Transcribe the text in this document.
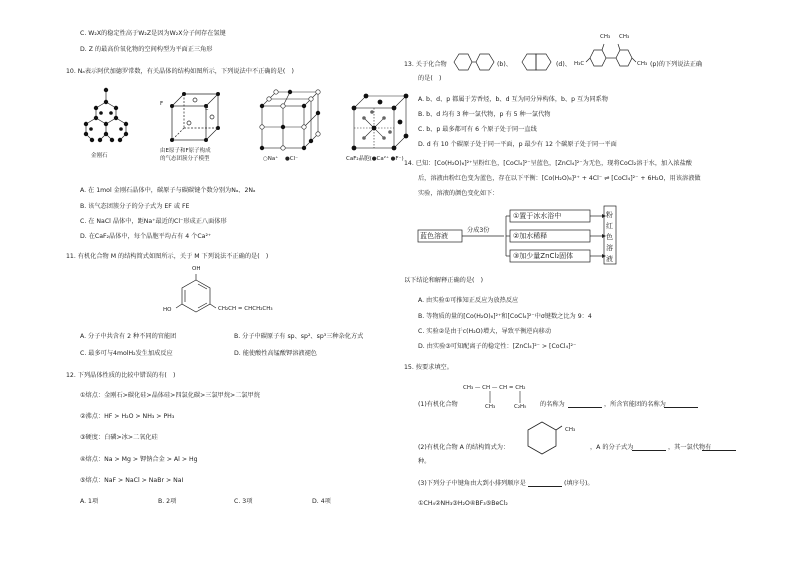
C. W₂X的稳定性高于W₂Z是因为W₂X分子间存在氢键
D. Z 的最高价氧化物的空间构型为平面正三角形
10. Nₐ表示阿伏加德罗常数，有关晶体的结构如图所示，下列说法中不正确的是(　)
金刚石
F
E
由E原子和F原子构成
的气态团簇分子模型	○Na⁺ ●Cl⁻
A. 在 1mol 金刚石晶体中，碳原子与碳碳键个数分别为Nₐ、2Nₐ
B. 该气态团簇分子的分子式为 EF 或 FE
C. 在 NaCl 晶体中，距Na⁺最近的Cl⁻形成正八面体形
D. 在CaF₂晶体中，每个晶胞平均占有 4 个Ca²⁺
11. 有机化合物 M 的结构简式如图所示，关于 M 下列说法不正确的是(　)
OH
HO	CH₂CH = CHCH₂CH₃
A. 分子中共含有 2 种不同的官能团	B. 分子中碳原子有 sp、sp²、sp³三种杂化方式
C. 最多可与4molH₂发生加成反应	D. 能使酸性高锰酸钾溶液褪色
12. 下列晶体性质的比较中错误的有(　)
①熔点：金刚石>碳化硅>晶体硅>四氯化碳>三氯甲烷>二氯甲烷
②沸点：HF > H₂O > NH₃ > PH₃
③硬度：白磷>冰>二氧化硅
④熔点：Na > Mg > 钾钠合金 > Al > Hg
⑤熔点：NaF > NaCl > NaBr > NaI
A. 1项	B. 2项	C. 3项	D. 4项
CaF₂晶胞(●Ca²⁺ ●F⁻)
13. 关于化合物	(b)、	(d)、
CH₃ CH₃
H₃C	CH₃ (p)的下列说法正确
的是(　)
A. b、d、p 都属于芳香烃，b、d 互为同分异构体，b、p 互为同系物
B. b、d 均有 3 种一氯代物，p 有 5 种一氯代物
C. b、p 最多都可有 6 个原子处于同一直线
D. d 有 10 个碳原子处于同一平面，p 最少有 12 个碳原子处于同一平面
14. 已知：[Co(H₂O)₆]²⁺呈粉红色，[CoCl₄]²⁻呈蓝色，[ZnCl₄]²⁻为无色，现将CoCl₂溶于水，加入浓盐酸
后，溶液由粉红色变为蓝色，存在以下平衡：[Co(H₂O)₆]²⁺ + 4Cl⁻ ⇌ [CoCl₄]²⁻ + 6H₂O，用该溶液做
实验，溶液的颜色变化如下：
蓝色溶液
分成3份
①置于冰水浴中
②加水稀释
③加少量ZnCl₂固体
粉红色溶液
以下结论和解释正确的是(　)
A. 由实验①可推知正反应为放热反应
B. 等物质的量的[Co(H₂O)₆]²⁺和[CoCl₄]²⁻中σ键数之比为 9：4
C. 实验②是由于c(H₂O)增大，导致平衡逆向移动
D. 由实验③可知配离子的稳定性：[ZnCl₄]²⁻ > [CoCl₄]²⁻
15. 按要求填空。
CH₃ — CH — CH = CH₂
CH₃	C₂H₅
(1)有机化合物	的名称为	，所含官能团的名称为
(2)有机化合物 A 的结构简式为：
CH₃
，A 的分子式为	，其一氯代物有
种。
(3)下列分子中键角由大到小排列顺序是	(填序号)。
①CH₄②NH₃③H₂O④BF₃⑤BeCl₂
